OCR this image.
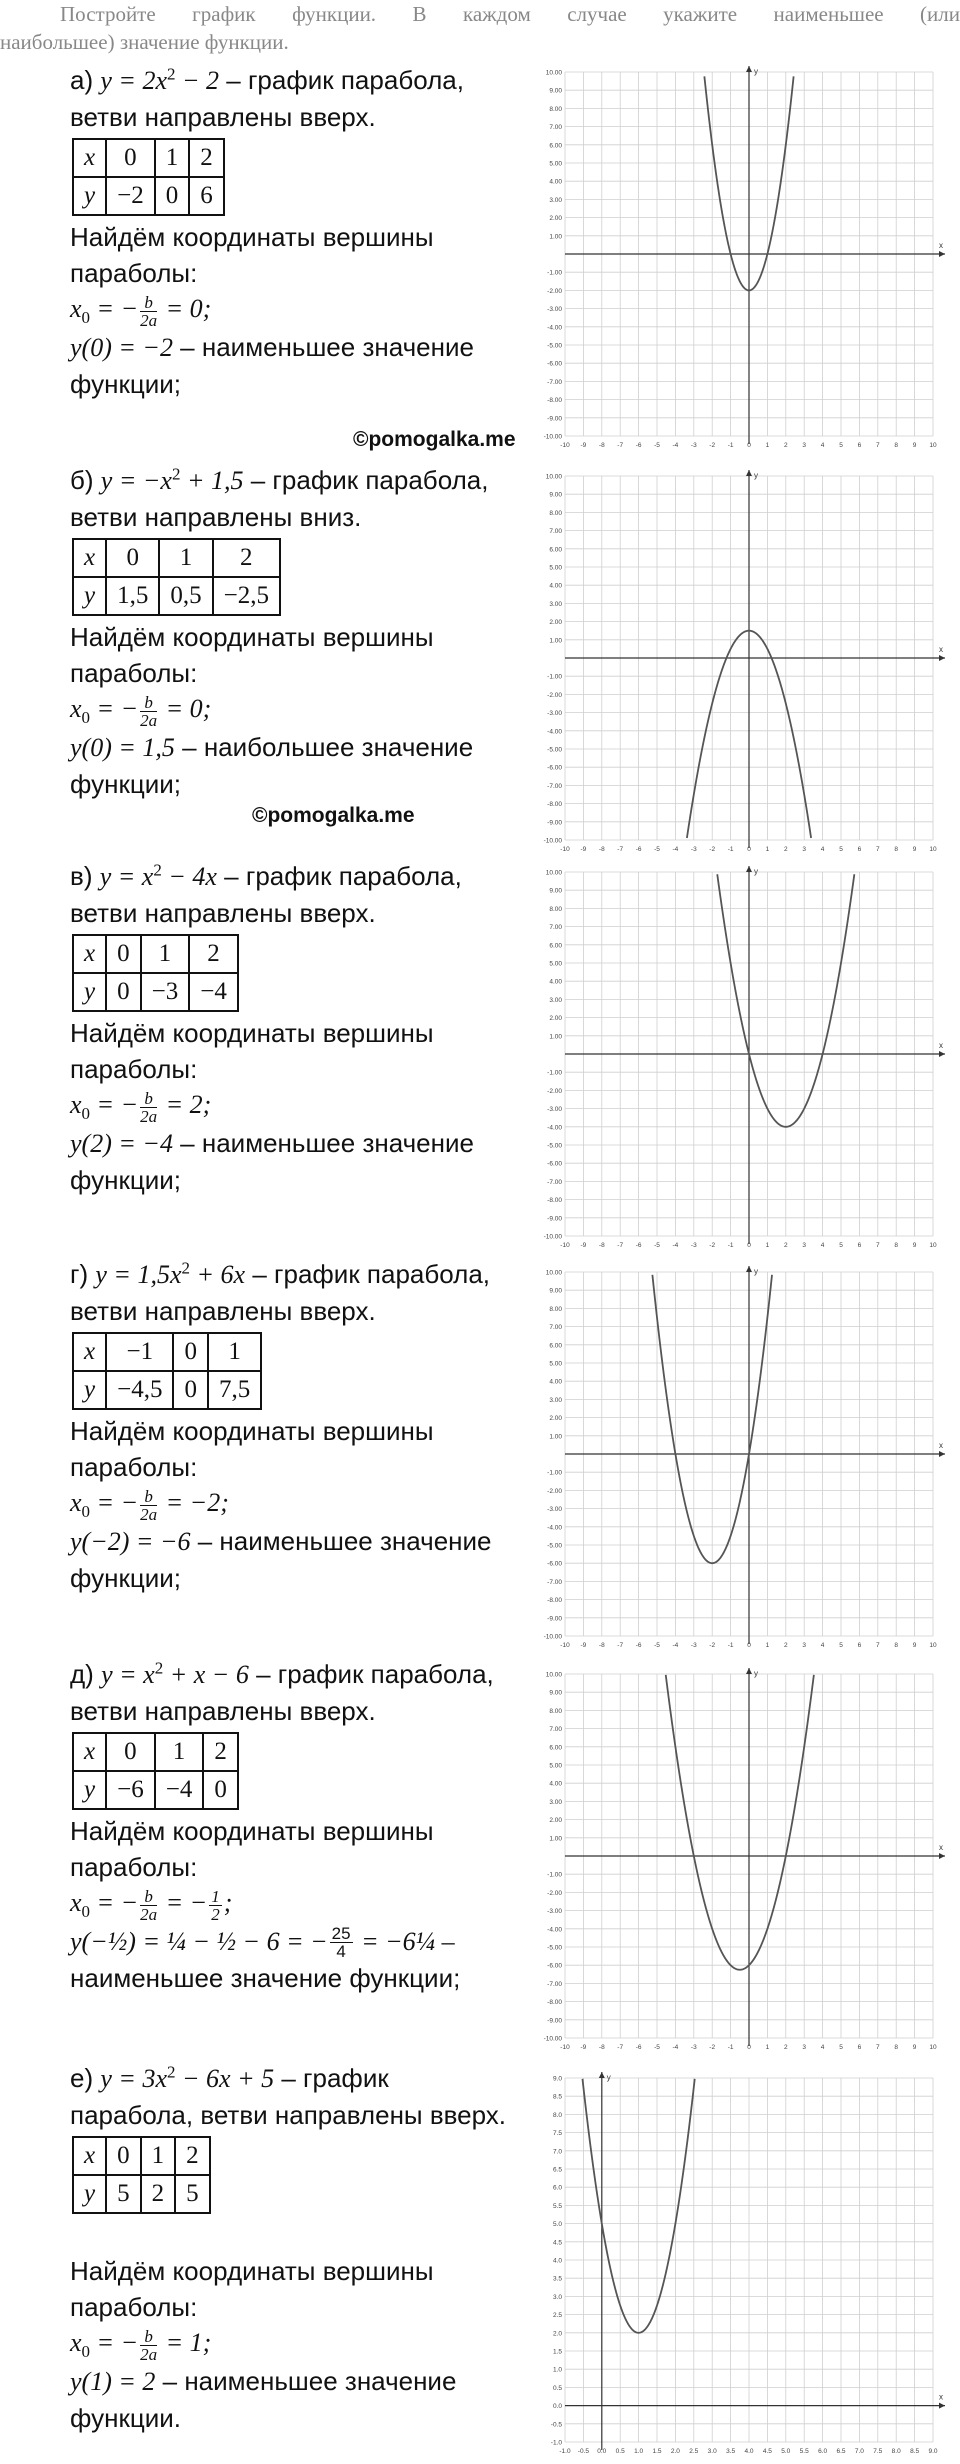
Постройте график функции. В каждом случае укажите наименьшее (или
наибольшее) значение функции.

а) $y = 2x^2 - 2$ – график парабола,

ветви направлены вверх.

x	0	1	2
y	−2	0	6

Найдём координаты вершины

параболы:

$x_0$ = − $\frac{b}{2a} = 0$;

y(0) = −2 – наименьшее значение

функции;

б) $y = -x^2 + 1,5$ – график парабола,

ветви направлены вниз.

x	0	1	2
y	1,5	0,5	−2,5

Найдём координаты вершины

параболы:

$x_0$ = − $\frac{b}{2a} = 0$;

y(0) = 1,5 – наибольшее значение

функции;

в) $y = x^2 - 4x$ – график парабола,

ветви направлены вверх.

x	0	1	2
y	0	−3	−4

Найдём координаты вершины

параболы:

$x_0$ = − $\frac{b}{2a} = 2$;

y(2) = −4 – наименьшее значение

функции;

г) $y = 1,5x^2 + 6x$ – график парабола,

ветви направлены вверх.

x	−1	0	1
y	−4,5	0	7,5

Найдём координаты вершины

параболы:

$x_0$ = − $\frac{b}{2a} = -2$;

y(−2) = −6 – наименьшее значение

функции;

д) $y = x^2 + x - 6$ – график парабола,

ветви направлены вверх.

x	0	1	2
y	−6	−4	0

Найдём координаты вершины

параболы:

$x_0$ = − $\frac{b}{2a}$ = − $\frac{1}{2}$ ;

y(−½) = ¼ − ½ − 6 = − $\frac{25}{4}$ = −6¼ –

наименьшее значение функции;

е) $y = 3x^2 - 6x + 5$ – график

парабола, ветви направлены вверх.

x	0	1	2
y	5	2	5

Найдём координаты вершины

параболы:

$x_0$ = − $\frac{b}{2a} = 1$;

y(1) = 2 – наименьшее значение

функции.

©pomogalka.me
©pomogalka.me
x
y
-10.00
-9.00
-8.00
-7.00
-6.00
-5.00
-4.00
-3.00
-2.00
-1.00
1.00
2.00
3.00
4.00
5.00
6.00
7.00
8.00
9.00
10.00
-10 -9 -8 -7 -6 -5 -4 -3 -2 -1 0 1 2 3 4 5 6 7 8 9 10
x
y
-10.00
-9.00
-8.00
-7.00
-6.00
-5.00
-4.00
-3.00
-2.00
-1.00
1.00
2.00
3.00
4.00
5.00
6.00
7.00
8.00
9.00
10.00
-10 -9 -8 -7 -6 -5 -4 -3 -2 -1 0 1 2 3 4 5 6 7 8 9 10
x
y
-10.00
-9.00
-8.00
-7.00
-6.00
-5.00
-4.00
-3.00
-2.00
-1.00
1.00
2.00
3.00
4.00
5.00
6.00
7.00
8.00
9.00
10.00
-10 -9 -8 -7 -6 -5 -4 -3 -2 -1 0 1 2 3 4 5 6 7 8 9 10
x
y
-10.00
-9.00
-8.00
-7.00
-6.00
-5.00
-4.00
-3.00
-2.00
-1.00
1.00
2.00
3.00
4.00
5.00
6.00
7.00
8.00
9.00
10.00
-10 -9 -8 -7 -6 -5 -4 -3 -2 -1 0 1 2 3 4 5 6 7 8 9 10
x
y
-10.00
-9.00
-8.00
-7.00
-6.00
-5.00
-4.00
-3.00
-2.00
-1.00
1.00
2.00
3.00
4.00
5.00
6.00
7.00
8.00
9.00
10.00
-10 -9 -8 -7 -6 -5 -4 -3 -2 -1 0 1 2 3 4 5 6 7 8 9 10
x
y
-1.0
-0.5
0.0
0.5
1.0
1.5
2.0
2.5
3.0
3.5
4.0
4.5
5.0
5.5
6.0
6.5
7.0
7.5
8.0
8.5
9.0
-1.0 -0.5 0.0 0.5 1.0 1.5 2.0 2.5 3.0 3.5 4.0 4.5 5.0 5.5 6.0 6.5 7.0 7.5 8.0 8.5 9.0
